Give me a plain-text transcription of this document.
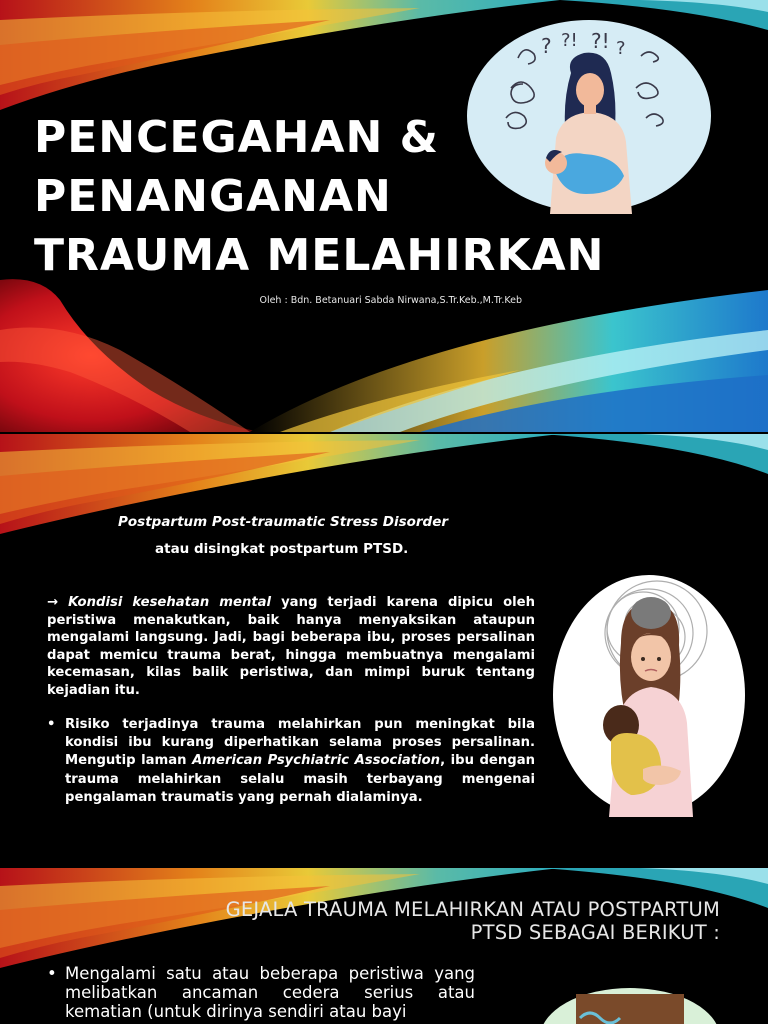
PENCEGAHAN &
PENANGANAN
TRAUMA MELAHIRKAN
Oleh : Bdn. Betanuari Sabda Nirwana,S.Tr.Keb.,M.Tr.Keb
? ?! ?! ?
Postpartum Post-traumatic Stress Disorder
atau disingkat postpartum PTSD.
→ Kondisi kesehatan mental yang terjadi karena dipicu oleh peristiwa menakutkan, baik hanya menyaksikan ataupun mengalami langsung. Jadi, bagi beberapa ibu, proses persalinan dapat memicu trauma berat, hingga membuatnya mengalami kecemasan, kilas balik peristiwa, dan mimpi buruk tentang kejadian itu.
• Risiko terjadinya trauma melahirkan pun meningkat bila kondisi ibu kurang diperhatikan selama proses persalinan. Mengutip laman American Psychiatric Association, ibu dengan trauma melahirkan selalu masih terbayang mengenai pengalaman traumatis yang pernah dialaminya.
GEJALA TRAUMA MELAHIRKAN ATAU POSTPARTUM
PTSD SEBAGAI BERIKUT :
• Mengalami satu atau beberapa peristiwa yang melibatkan ancaman cedera serius atau kematian (untuk dirinya sendiri atau bayi
